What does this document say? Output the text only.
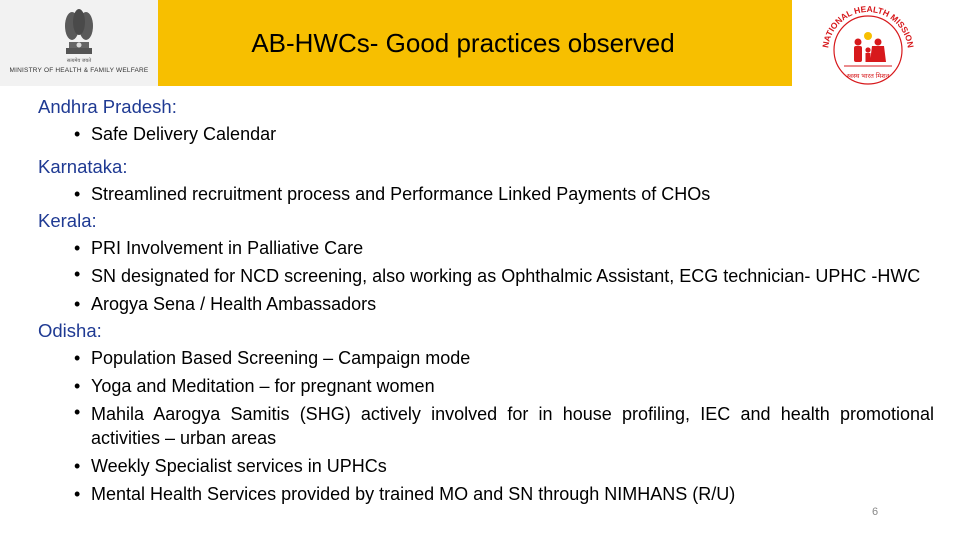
सत्यमेव जयते
MINISTRY OF HEALTH & FAMILY WELFARE
AB-HWCs- Good practices observed	NATIONAL HEALTH MISSION
स्वस्थ भारत मिशन
Andhra Pradesh:
• Safe Delivery Calendar
Karnataka:
• Streamlined recruitment process and Performance Linked Payments of CHOs
Kerala:
• PRI Involvement in Palliative Care
• SN designated for NCD screening, also working as Ophthalmic Assistant, ECG technician- UPHC -HWC
• Arogya Sena / Health Ambassadors
Odisha:
• Population Based Screening – Campaign mode
• Yoga and Meditation – for pregnant women
• Mahila Aarogya Samitis (SHG) actively involved for in house profiling, IEC and health promotional activities – urban areas
• Weekly Specialist services in UPHCs
• Mental Health Services provided by trained MO and SN through NIMHANS (R/U)
6
